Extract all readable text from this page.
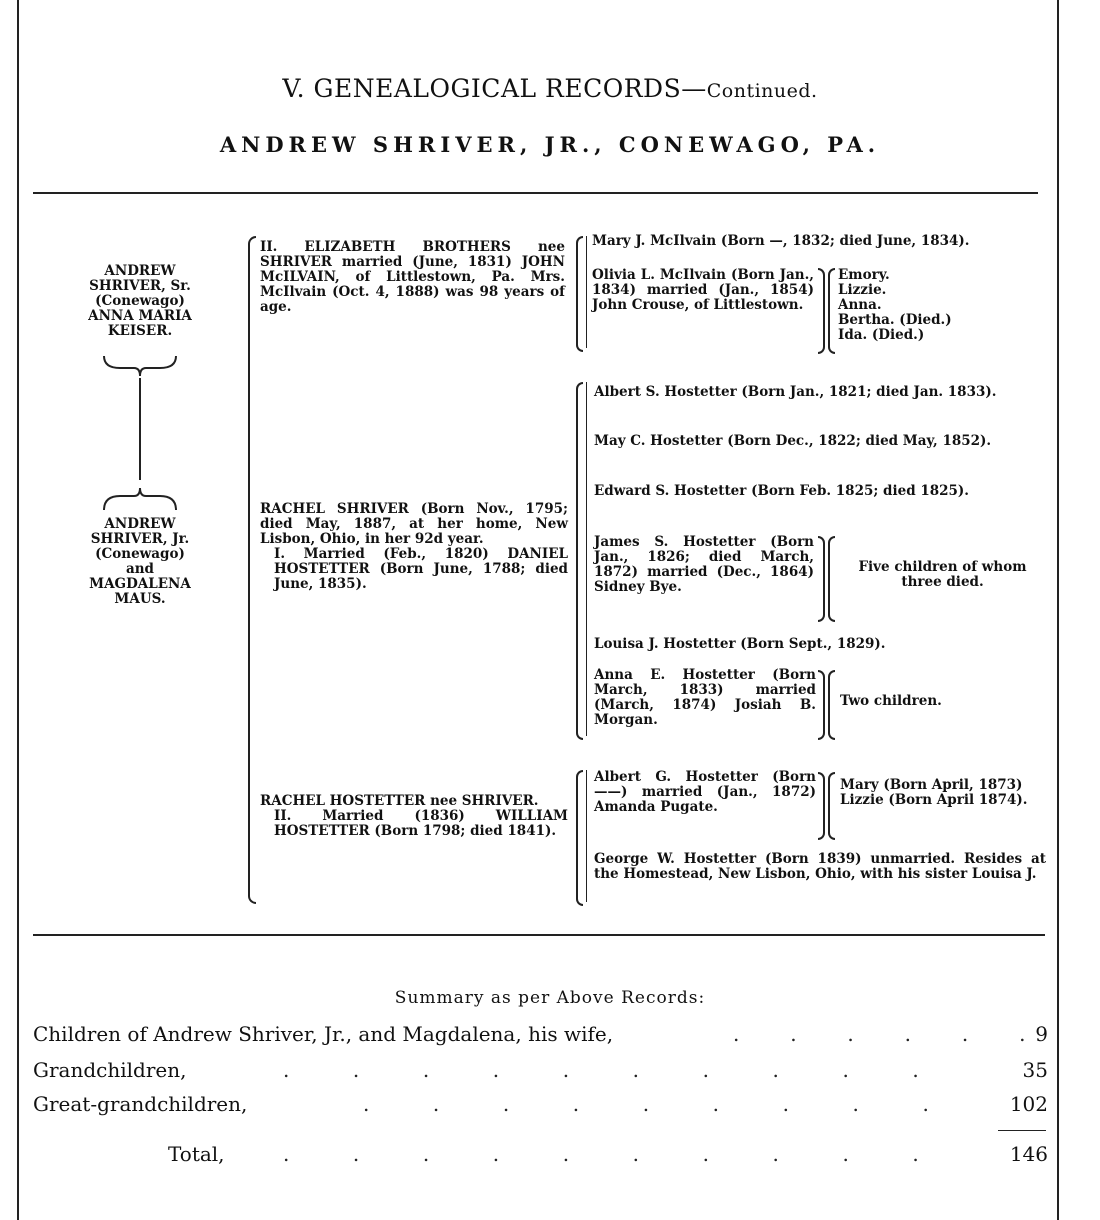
V. GENEALOGICAL RECORDS—Continued.
ANDREW SHRIVER, JR., CONEWAGO, PA.
ANDREW
SHRIVER, Sr.
(Conewago)
ANNA MARIA
KEISER.
ANDREW
SHRIVER, Jr.
(Conewago)
and
MAGDALENA
MAUS.
II. ELIZABETH BROTHERS nee SHRIVER married (June, 1831) JOHN McILVAIN, of Littlestown, Pa. Mrs. McIlvain (Oct. 4, 1888) was 98 years of age.
Mary J. McIlvain (Born —, 1832; died June, 1834).
Olivia L. McIlvain (Born Jan., 1834) married (Jan., 1854) John Crouse, of Littlestown.
Emory.
Lizzie.
Anna.
Bertha. (Died.)
Ida. (Died.)
RACHEL SHRIVER (Born Nov., 1795; died May, 1887, at her home, New Lisbon, Ohio, in her 92d year.
I. Married (Feb., 1820) DANIEL HOSTETTER (Born June, 1788; died June, 1835).
Albert S. Hostetter (Born Jan., 1821; died Jan. 1833).
May C. Hostetter (Born Dec., 1822; died May, 1852).
Edward S. Hostetter (Born Feb. 1825; died 1825).
James S. Hostetter (Born Jan., 1826; died March, 1872) married (Dec., 1864) Sidney Bye.
Five children of whom three died.
Louisa J. Hostetter (Born Sept., 1829).
Anna E. Hostetter (Born March, 1833) married (March, 1874) Josiah B. Morgan.
Two children.
RACHEL HOSTETTER nee SHRIVER.
II. Married (1836) WILLIAM HOSTETTER (Born 1798; died 1841).
Albert G. Hostetter (Born ——) married (Jan., 1872) Amanda Pugate.
Mary (Born April, 1873)
Lizzie (Born April 1874).
George W. Hostetter (Born 1839) unmarried. Resides at the Homestead, New Lisbon, Ohio, with his sister Louisa J.
Summary as per Above Records:
Children of Andrew Shriver, Jr., and Magdalena, his wife,	.        .        .        .        .        . 9
Grandchildren,	.          .          .          .          .          .          .          .          .          .	35
Great-grandchildren,	.          .          .          .          .          .          .          .          .	102
Total,	.          .          .          .          .          .          .          .          .          .	146
